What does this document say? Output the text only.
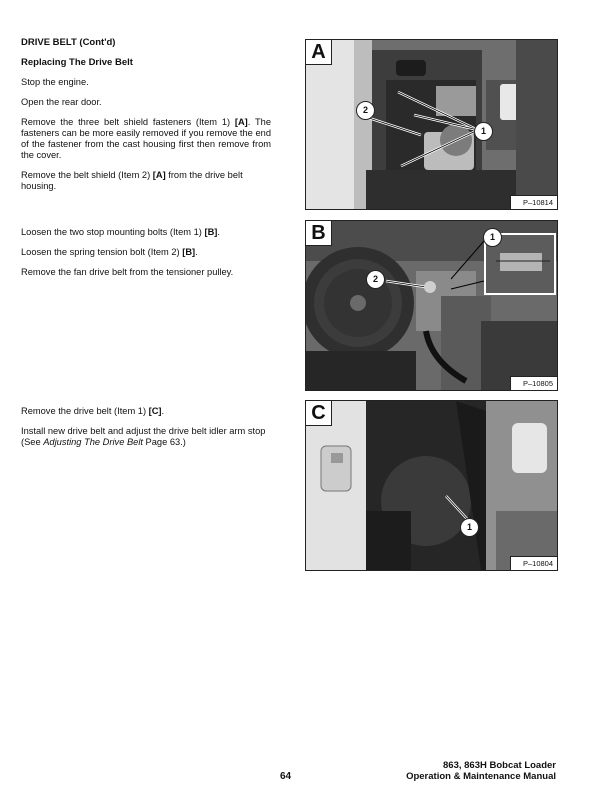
DRIVE BELT (Cont'd)
Replacing The Drive Belt

Stop the engine.

Open the rear door.

Remove the three belt shield fasteners (Item 1) [A]. The fasteners can be more easily removed if you remove the end of the fastener from the cast housing first then remove from the cover.

Remove the belt shield (Item 2) [A] from the drive belt housing.

Loosen the two stop mounting bolts (Item 1) [B].

Loosen the spring tension bolt (Item 2) [B].

Remove the fan drive belt from the tensioner pulley.

Remove the drive belt (Item 1) [C].

Install new drive belt and adjust the drive belt idler arm stop (See Adjusting The Drive Belt Page 63.)

A
2
1
P–10814
B	1
2
P–10805
C
1
P–10804
64
863, 863H Bobcat Loader
Operation & Maintenance Manual
